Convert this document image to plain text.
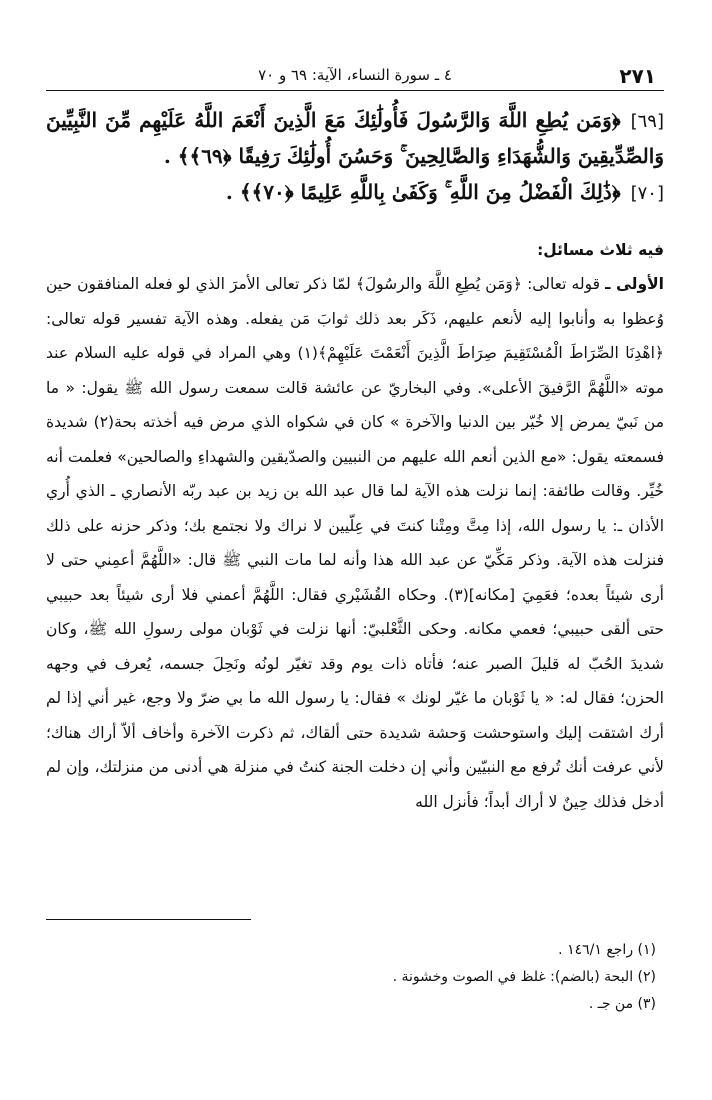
٢٧١
٤ ـ سورة النساء، الآية: ٦٩ و ٧٠

[٦٩]﴿وَمَن يُطِعِ اللَّهَ وَالرَّسُولَ فَأُولَٰئِكَ مَعَ الَّذِينَ أَنْعَمَ اللَّهُ عَلَيْهِم مِّنَ النَّبِيِّينَ وَالصِّدِّيقِينَ وَالشُّهَدَاءِ وَالصَّالِحِينَ ۚ وَحَسُنَ أُولَٰئِكَ رَفِيقًا ﴿٦٩﴾﴾ .

[٧٠]﴿ذَٰلِكَ الْفَضْلُ مِنَ اللَّهِ ۚ وَكَفَىٰ بِاللَّهِ عَلِيمًا ﴿٧٠﴾﴾ .

فيه ثلاث مسائل:

الأولى ـ قوله تعالى: ﴿وَمَن يُطِعِ اللَّهَ والرسُولَ﴾ لمّا ذكر تعالى الأمرَ الذي لو فعله المنافقون حين وُعظوا به وأنابوا إليه لأنعم عليهم، ذَكَر بعد ذلك ثوابَ مَن يفعله. وهذه الآية تفسير قوله تعالى: ﴿اهْدِنَا الصِّرَاطَ الْمُسْتَقِيمَ صِرَاطَ الَّذِينَ أَنْعَمْتَ عَلَيْهِمْ﴾(١) وهي المراد في قوله عليه السلام عند موته «اللَّهُمَّ الرَّفيقَ الأعلى». وفي البخاريّ عن عائشة قالت سمعت رسول الله ﷺ يقول: « ما من نَبيّ يمرض إلا خُيّر بين الدنيا والآخرة » كان في شكواه الذي مرض فيه أخذته بحة(٢) شديدة فسمعته يقول: «مع الذين أنعم الله عليهم من النبيين والصدّيقين والشهداءِ والصالحين» فعلمت أنه خُيِّر. وقالت طائفة: إنما نزلت هذه الآية لما قال عبد الله بن زيد بن عبد ربّه الأنصاري ـ الذي أُري الأذان ـ: يا رسول الله، إذا مِتَّ ومِتْنا كنتَ في عِلّيين لا نراك ولا نجتمع بك؛ وذكر حزنه على ذلك فنزلت هذه الآية. وذكر مَكِّيّ عن عبد الله هذا وأنه لما مات النبي ﷺ قال: «اللَّهُمَّ أعمِني حتى لا أرى شيئاً بعده؛ فعَمِيَ [مكانه](٣). وحكاه القُشَيْري فقال: اللَّهُمَّ أعمني فلا أرى شيئاً بعد حبيبي حتى ألقى حبيبي؛ فعمي مكانه. وحكى الثَّعْلبيّ: أنها نزلت في ثَوْبان مولى رسولِ الله ﷺ، وكان شديدَ الحُبّ له قليلَ الصبر عنه؛ فأتاه ذات يوم وقد تغيّر لونُه ونَحِلَ جسمه، يُعرف في وجهه الحزن؛ فقال له: « يا ثَوْبان ما غيّر لونك » فقال: يا رسول الله ما بي ضرّ ولا وجع، غير أني إذا لم أرك اشتقت إليك واستوحشت وَحشة شديدة حتى ألقاك، ثم ذكرت الآخرة وأخاف ألاّ أراك هناك؛ لأني عرفت أنك تُرفع مع النبيّين وأني إن دخلت الجنة كنتُ في منزلة هي أدنى من منزلتك، وإن لم أدخل فذلك حِينٌ لا أراك أبداً؛ فأنزل الله

(١) راجع ١٤٦/١ .

(٢) البحة (بالضم): غلظ في الصوت وخشونة .

(٣) من جـ .
